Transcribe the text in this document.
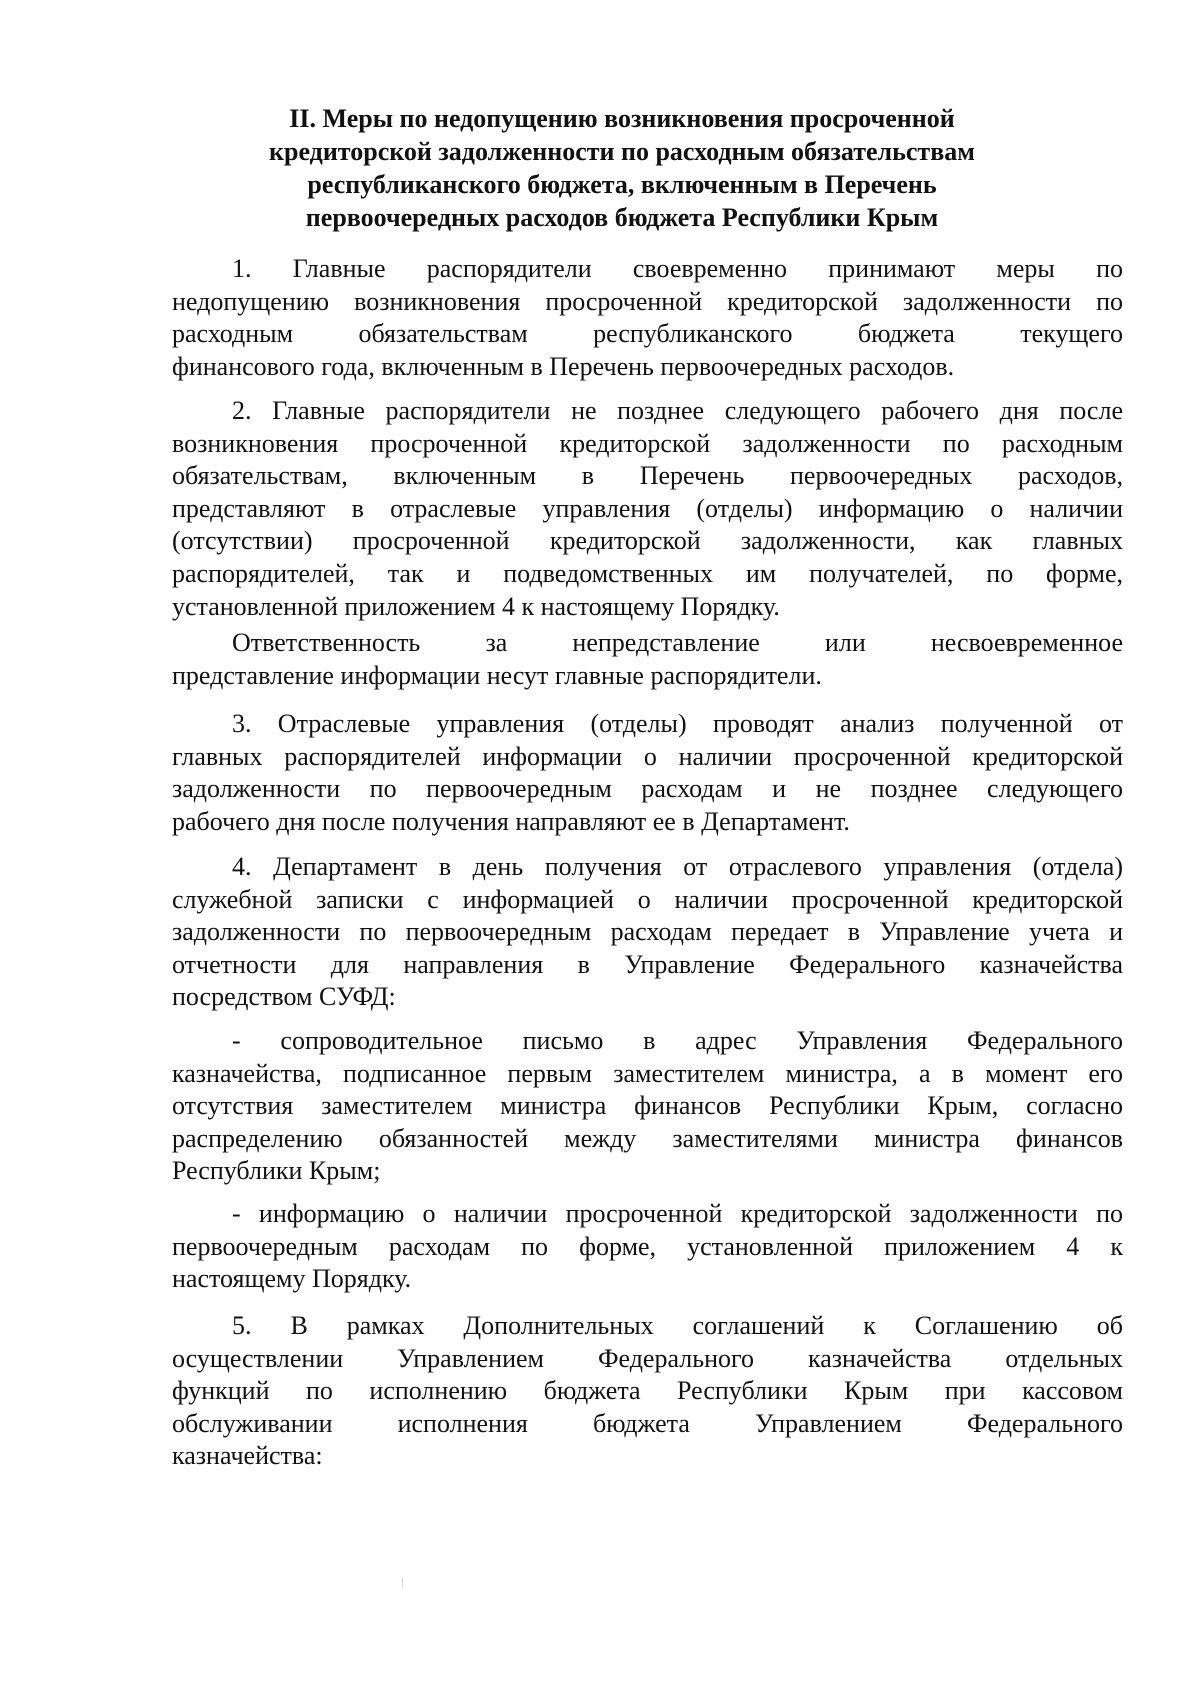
II. Меры по недопущению возникновения просроченной
кредиторской задолженности по расходным обязательствам
республиканского бюджета, включенным в Перечень
первоочередных расходов бюджета Республики Крым
1. Главные распорядители своевременно принимают меры по
недопущению возникновения просроченной кредиторской задолженности по
расходным обязательствам республиканского бюджета текущего
финансового года, включенным в Перечень первоочередных расходов.
2. Главные распорядители не позднее следующего рабочего дня после
возникновения просроченной кредиторской задолженности по расходным
обязательствам, включенным в Перечень первоочередных расходов,
представляют в отраслевые управления (отделы) информацию о наличии
(отсутствии) просроченной кредиторской задолженности, как главных
распорядителей, так и подведомственных им получателей, по форме,
установленной приложением 4 к настоящему Порядку.
Ответственность за непредставление или несвоевременное
представление информации несут главные распорядители.
3. Отраслевые управления (отделы) проводят анализ полученной от
главных распорядителей информации о наличии просроченной кредиторской
задолженности по первоочередным расходам и не позднее следующего
рабочего дня после получения направляют ее в Департамент.
4. Департамент в день получения от отраслевого управления (отдела)
служебной записки с информацией о наличии просроченной кредиторской
задолженности по первоочередным расходам передает в Управление учета и
отчетности для направления в Управление Федерального казначейства
посредством СУФД:
- сопроводительное письмо в адрес Управления Федерального
казначейства, подписанное первым заместителем министра, а в момент его
отсутствия заместителем министра финансов Республики Крым, согласно
распределению обязанностей между заместителями министра финансов
Республики Крым;
- информацию о наличии просроченной кредиторской задолженности по
первоочередным расходам по форме, установленной приложением 4 к
настоящему Порядку.
5. В рамках Дополнительных соглашений к Соглашению об
осуществлении Управлением Федерального казначейства отдельных
функций по исполнению бюджета Республики Крым при кассовом
обслуживании исполнения бюджета Управлением Федерального
казначейства:
